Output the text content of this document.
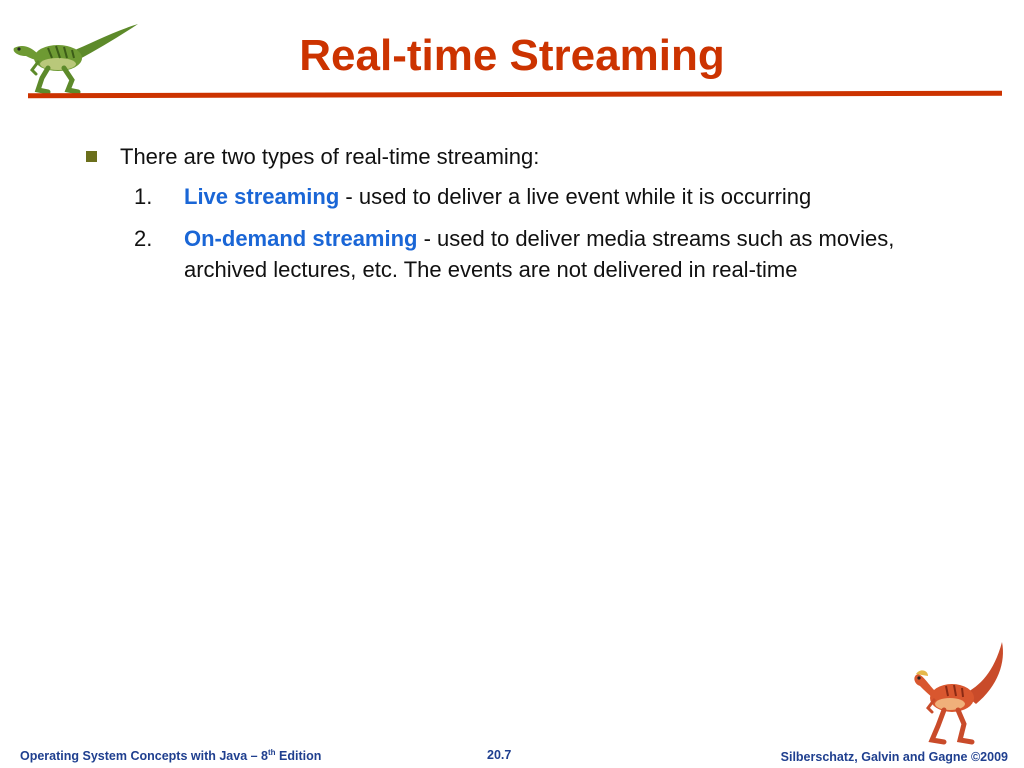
Real-time Streaming
There are two types of real-time streaming:
1.	Live streaming - used to deliver a live event while it is occurring
2.	On-demand streaming - used to deliver media streams such as movies, archived lectures, etc. The events are not delivered in real-time
Operating System Concepts with Java – 8th Edition	20.7	Silberschatz, Galvin and Gagne ©2009
